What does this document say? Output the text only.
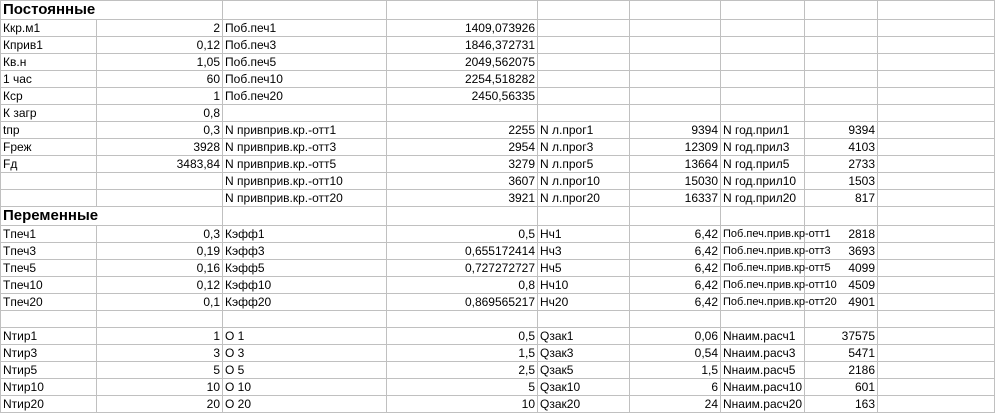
Постоянные								
Ккр.м1	2	Поб.печ1	1409,073926					
Кприв1	0,12	Поб.печ3	1846,372731					
Кв.н	1,05	Поб.печ5	2049,562075					
1 час	60	Поб.печ10	2254,518282					
Кср	1	Поб.печ20	2450,56335					
К загр	0,8							
tпр	0,3	N привприв.кр.-отт1	2255	N л.прог1	9394	N год.прил1	9394	
Fреж	3928	N привприв.кр.-отт3	2954	N л.прог3	12309	N год.прил3	4103	
Fд	3483,84	N привприв.кр.-отт5	3279	N л.прог5	13664	N год.прил5	2733	
		N привприв.кр.-отт10	3607	N л.прог10	15030	N год.прил10	1503	
		N привприв.кр.-отт20	3921	N л.прог20	16337	N год.прил20	817	
Переменные								
Tпеч1	0,3	Кэфф1	0,5	Нч1	6,42	Поб.печ.прив.кр-отт1	2818	
Tпеч3	0,19	Кэфф3	0,655172414	Нч3	6,42	Поб.печ.прив.кр-отт3	3693	
Tпеч5	0,16	Кэфф5	0,727272727	Нч5	6,42	Поб.печ.прив.кр-отт5	4099	
Tпеч10	0,12	Кэфф10	0,8	Нч10	6,42	Поб.печ.прив.кр-отт10	4509	
Tпеч20	0,1	Кэфф20	0,869565217	Нч20	6,42	Поб.печ.прив.кр-отт20	4901	

Nтир1	1	O 1	0,5	Qзак1	0,06	Nнаим.расч1	37575	
Nтир3	3	O 3	1,5	Qзак3	0,54	Nнаим.расч3	5471	
Nтир5	5	O 5	2,5	Qзак5	1,5	Nнаим.расч5	2186	
Nтир10	10	O 10	5	Qзак10	6	Nнаим.расч10	601	
Nтир20	20	O 20	10	Qзак20	24	Nнаим.расч20	163	
